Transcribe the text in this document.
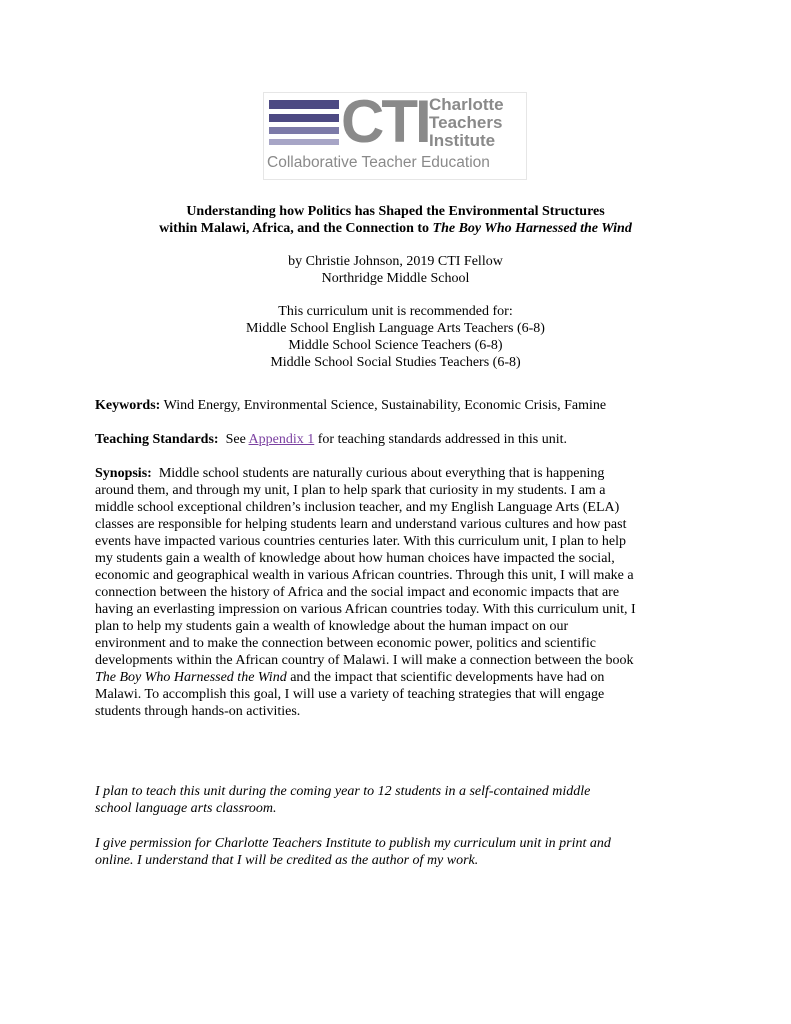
CTI Charlotte
Teachers
Institute
Collaborative Teacher Education
Understanding how Politics has Shaped the Environmental Structures
within Malawi, Africa, and the Connection to The Boy Who Harnessed the Wind
by Christie Johnson, 2019 CTI Fellow
Northridge Middle School
This curriculum unit is recommended for:
Middle School English Language Arts Teachers (6-8)
Middle School Science Teachers (6-8)
Middle School Social Studies Teachers (6-8)
Keywords: Wind Energy, Environmental Science, Sustainability, Economic Crisis, Famine
Teaching Standards:  See Appendix 1 for teaching standards addressed in this unit.
Synopsis:  Middle school students are naturally curious about everything that is happening
around them, and through my unit, I plan to help spark that curiosity in my students. I am a
middle school exceptional children’s inclusion teacher, and my English Language Arts (ELA)
classes are responsible for helping students learn and understand various cultures and how past
events have impacted various countries centuries later. With this curriculum unit, I plan to help
my students gain a wealth of knowledge about how human choices have impacted the social,
economic and geographical wealth in various African countries. Through this unit, I will make a
connection between the history of Africa and the social impact and economic impacts that are
having an everlasting impression on various African countries today. With this curriculum unit, I
plan to help my students gain a wealth of knowledge about the human impact on our
environment and to make the connection between economic power, politics and scientific
developments within the African country of Malawi. I will make a connection between the book
The Boy Who Harnessed the Wind and the impact that scientific developments have had on
Malawi. To accomplish this goal, I will use a variety of teaching strategies that will engage
students through hands-on activities.
I plan to teach this unit during the coming year to 12 students in a self-contained middle
school language arts classroom.
I give permission for Charlotte Teachers Institute to publish my curriculum unit in print and
online. I understand that I will be credited as the author of my work.
